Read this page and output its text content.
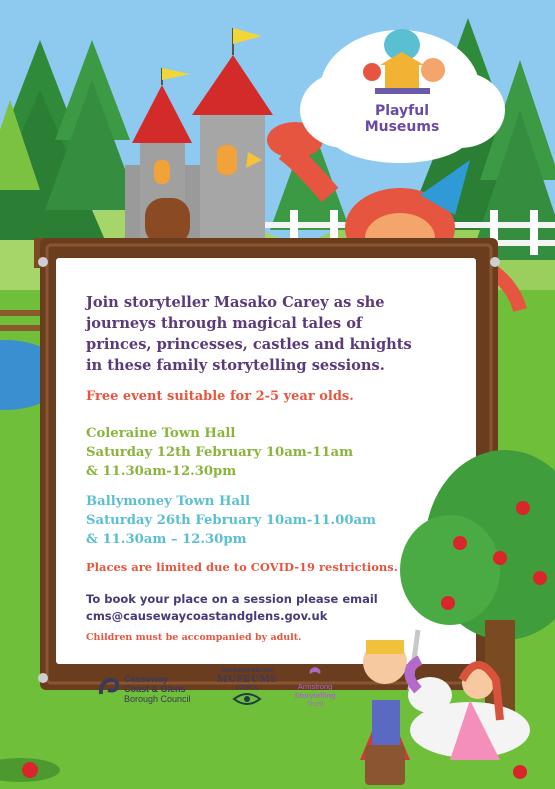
Playful
Museums

Join storyteller Masako Carey as she journeys through magical tales of princes, princesses, castles and knights in these family storytelling sessions.

Free event suitable for 2-5 year olds.

Coleraine Town Hall
Saturday 12th February 10am-11am
& 11.30am-12.30pm
Ballymoney Town Hall
Saturday 26th February 10am-11.00am
& 11.30am – 12.30pm

Places are limited due to COVID-19 restrictions.

To book your place on a session please email
cms@causewaycoastandglens.gov.uk

Children must be accompanied by adult.

Causeway
Coast & Glens
Borough Council
NORTHERN IRELAND
MUSEUMS
COUNCIL	Armstrong
Storytelling
Trust
